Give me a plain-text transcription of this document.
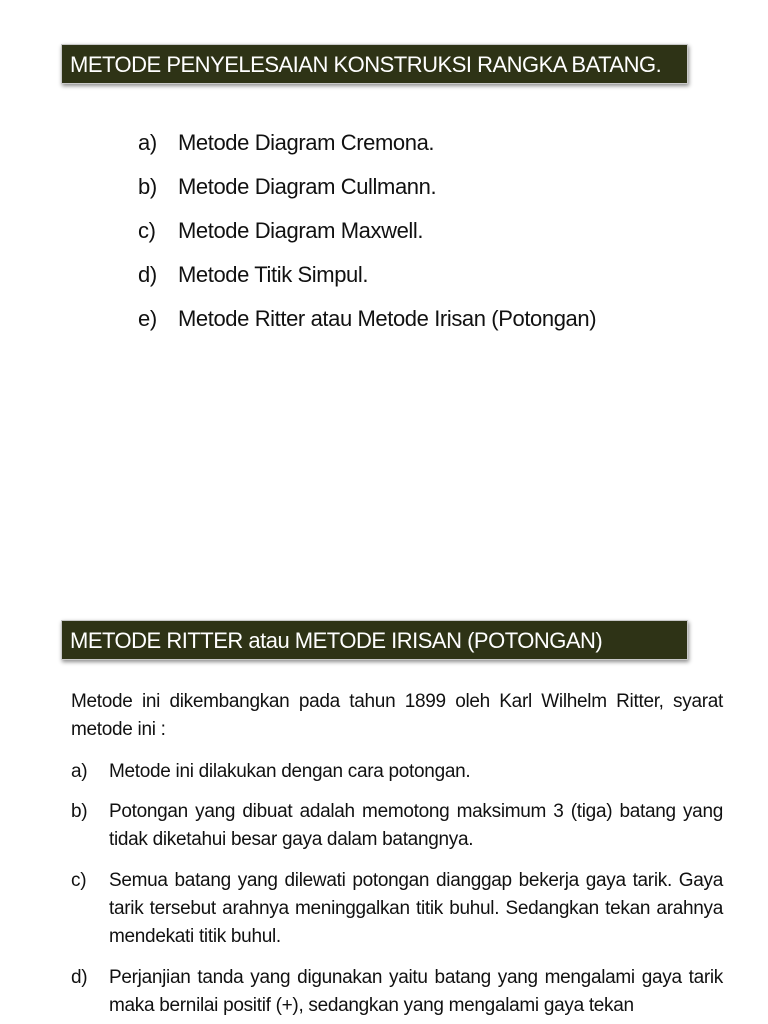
METODE PENYELESAIAN KONSTRUKSI RANGKA BATANG.
a) Metode Diagram Cremona.
b) Metode Diagram Cullmann.
c)	Metode Diagram Maxwell.
d) Metode Titik Simpul.
e) Metode Ritter atau Metode Irisan (Potongan)
METODE RITTER atau METODE IRISAN (POTONGAN)
Metode ini dikembangkan pada tahun 1899 oleh Karl Wilhelm Ritter, syarat metode ini :
a)	Metode ini dilakukan dengan cara potongan.
b)	Potongan yang dibuat adalah memotong maksimum 3 (tiga) batang yang tidak diketahui besar gaya dalam batangnya.
c)	Semua batang yang dilewati potongan dianggap bekerja gaya tarik. Gaya tarik tersebut arahnya meninggalkan titik buhul. Sedangkan tekan arahnya mendekati titik buhul.
d)	Perjanjian tanda yang digunakan yaitu batang yang mengalami gaya tarik maka bernilai positif (+), sedangkan yang mengalami gaya tekan
